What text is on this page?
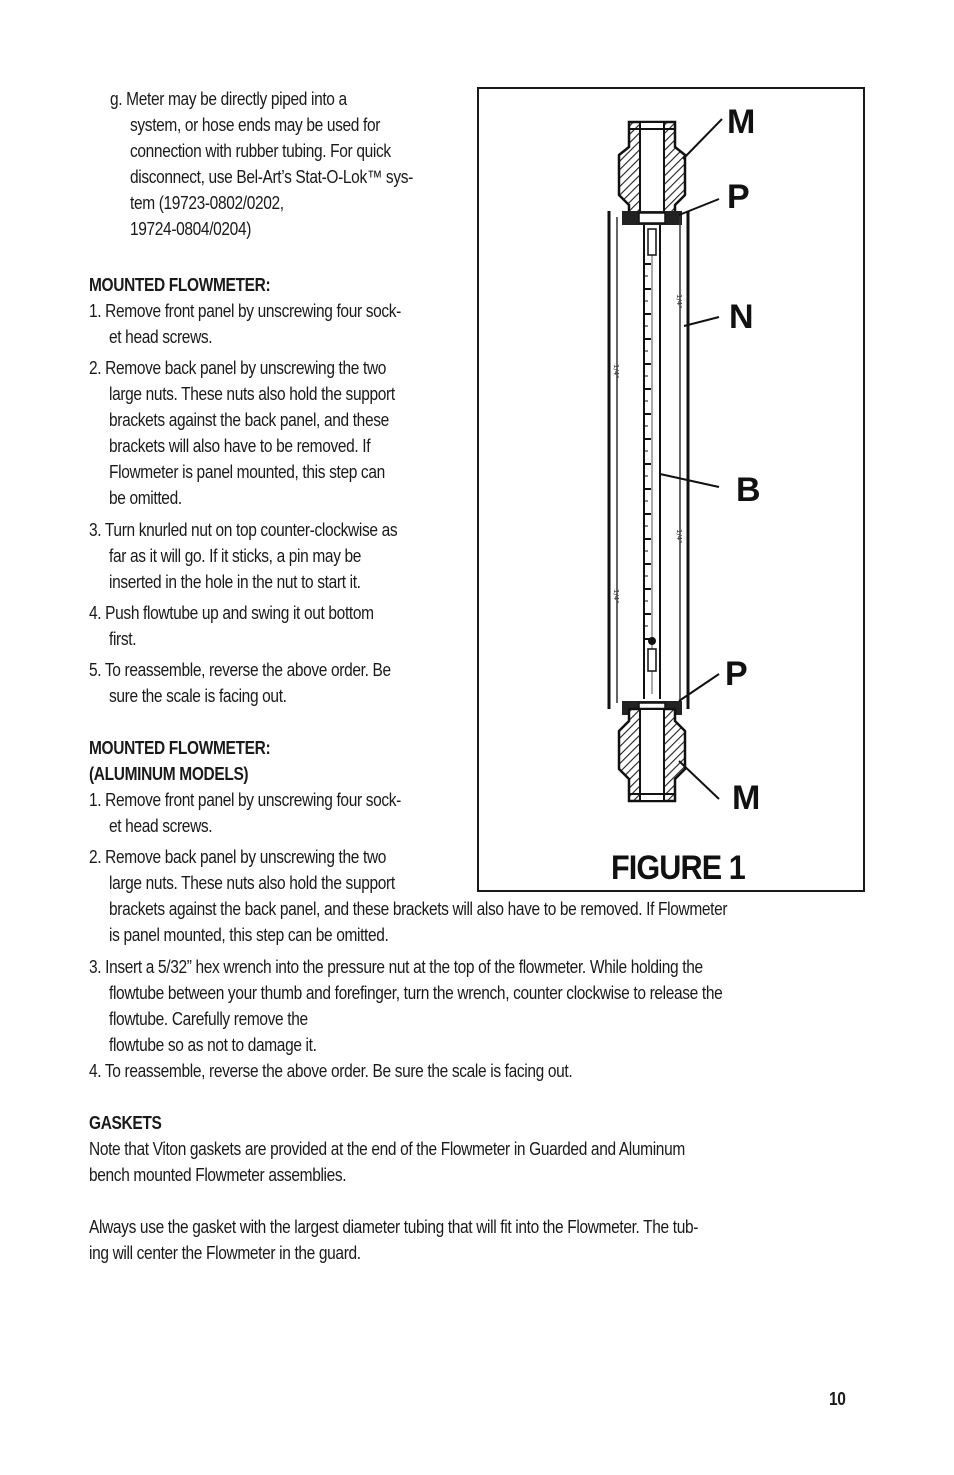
g. Meter may be directly piped into a
system, or hose ends may be used for
connection with rubber tubing. For quick
disconnect, use Bel-Art’s Stat-O-Lok™ sys-
tem (19723-0802/0202,
19724-0804/0204)
MOUNTED FLOWMETER:
1. Remove front panel by unscrewing four sock-
et head screws.
2. Remove back panel by unscrewing the two
large nuts. These nuts also hold the support
brackets against the back panel, and these
brackets will also have to be removed. If
Flowmeter is panel mounted, this step can
be omitted.
3. Turn knurled nut on top counter-clockwise as
far as it will go. If it sticks, a pin may be
inserted in the hole in the nut to start it.
4. Push flowtube up and swing it out bottom
first.
5. To reassemble, reverse the above order. Be
sure the scale is facing out.
MOUNTED FLOWMETER:
(ALUMINUM MODELS)
1. Remove front panel by unscrewing four sock-
et head screws.
2. Remove back panel by unscrewing the two
large nuts. These nuts also hold the support
brackets against the back panel, and these brackets will also have to be removed. If Flowmeter
is panel mounted, this step can be omitted.
3. Insert a 5/32” hex wrench into the pressure nut at the top of the flowmeter. While holding the
flowtube between your thumb and forefinger, turn the wrench, counter clockwise to release the
flowtube. Carefully remove the
flowtube so as not to damage it.
4. To reassemble, reverse the above order. Be sure the scale is facing out.
GASKETS
Note that Viton gaskets are provided at the end of the Flowmeter in Guarded and Aluminum
bench mounted Flowmeter assemblies.
Always use the gasket with the largest diameter tubing that will fit into the Flowmeter. The tub-
ing will center the Flowmeter in the guard.
1/4"
1/4"
1/4"
1/4"
M
P
N
B
P
M
FIGURE 1
10
